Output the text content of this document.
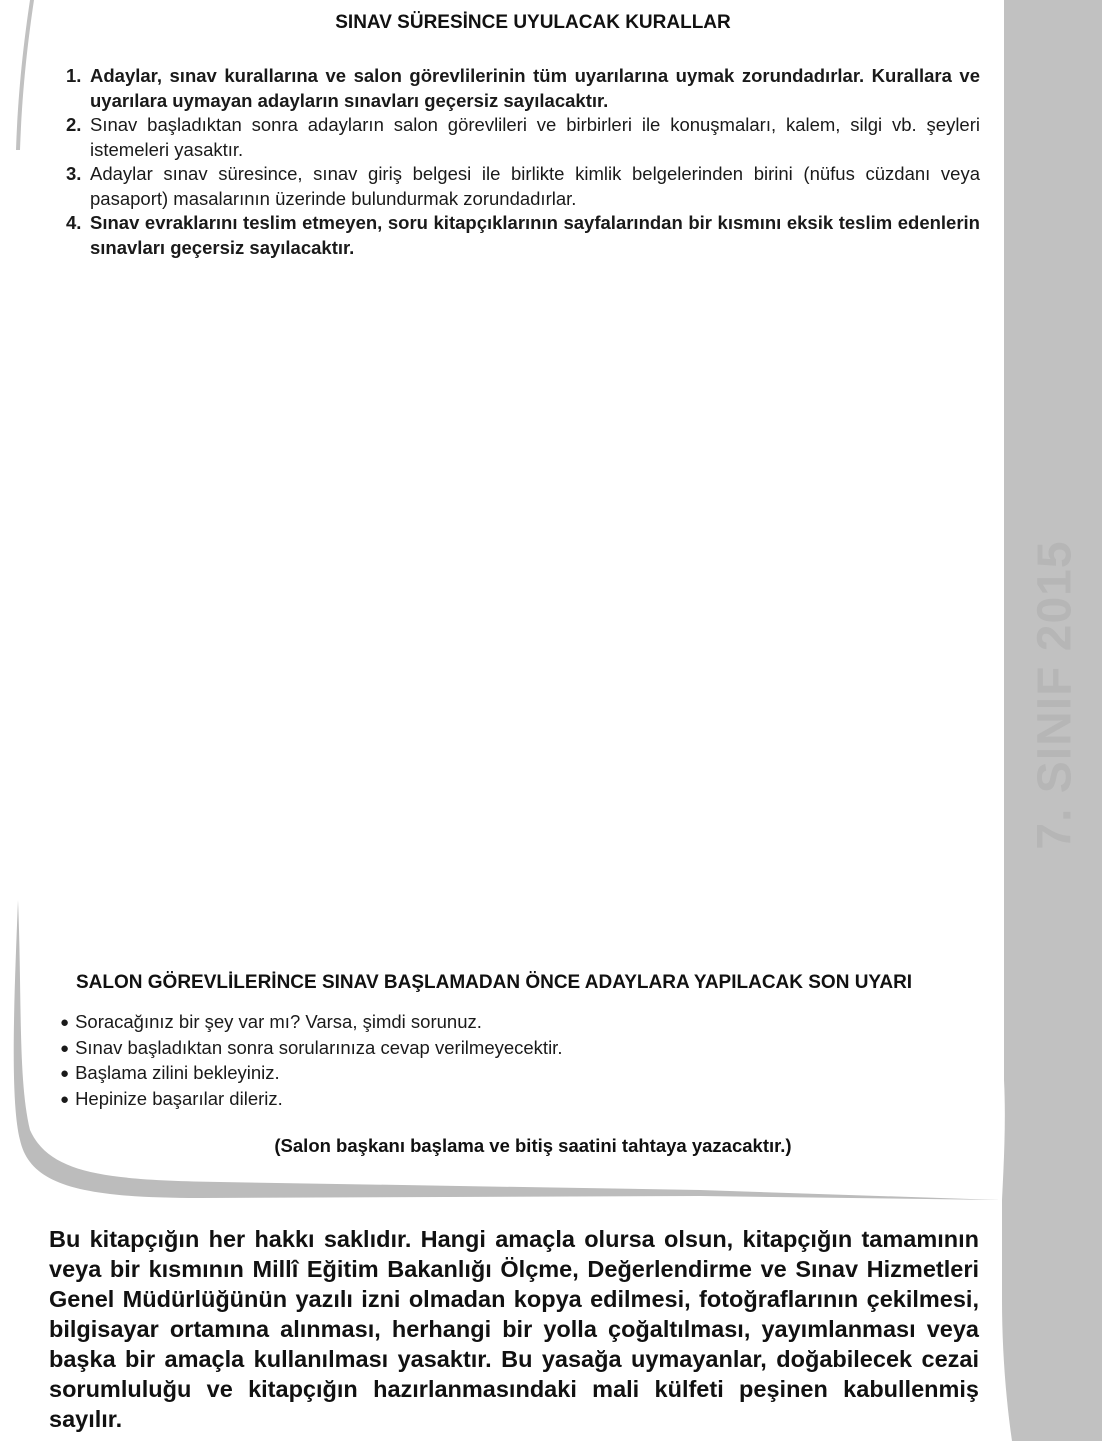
7. SINIF 2015
SINAV SÜRESİNCE UYULACAK KURALLAR
1. Adaylar, sınav kurallarına ve salon görevlilerinin tüm uyarılarına uymak zorundadırlar. Kurallara ve uyarılara uymayan adayların sınavları geçersiz sayılacaktır.
2. Sınav başladıktan sonra adayların salon görevlileri ve birbirleri ile konuşmaları, kalem, silgi vb. şeyleri istemeleri yasaktır.
3. Adaylar sınav süresince, sınav giriş belgesi ile birlikte kimlik belgelerinden birini (nüfus cüzdanı veya pasaport) masalarının üzerinde bulundurmak zorundadırlar.
4. Sınav evraklarını teslim etmeyen, soru kitapçıklarının sayfalarından bir kısmını eksik teslim edenlerin sınavları geçersiz sayılacaktır.
SALON GÖREVLİLERİNCE SINAV BAŞLAMADAN ÖNCE ADAYLARA YAPILACAK SON UYARI
● Soracağınız bir şey var mı? Varsa, şimdi sorunuz.
● Sınav başladıktan sonra sorularınıza cevap verilmeyecektir.
● Başlama zilini bekleyiniz.
● Hepinize başarılar dileriz.
(Salon başkanı başlama ve bitiş saatini tahtaya yazacaktır.)

Bu kitapçığın her hakkı saklıdır. Hangi amaçla olursa olsun, kitapçığın tamamının veya bir kısmının Millî Eğitim Bakanlığı Ölçme, Değerlendirme ve Sınav Hizmetleri Genel Müdürlüğünün yazılı izni olmadan kopya edilmesi, fotoğraflarının çekilmesi, bilgisayar ortamına alınması, herhangi bir yolla çoğaltılması, yayımlanması veya başka bir amaçla kullanılması yasaktır. Bu yasağa uymayanlar, doğabilecek cezai sorumluluğu ve kitapçığın hazırlanmasındaki mali külfeti peşinen kabullenmiş sayılır.
